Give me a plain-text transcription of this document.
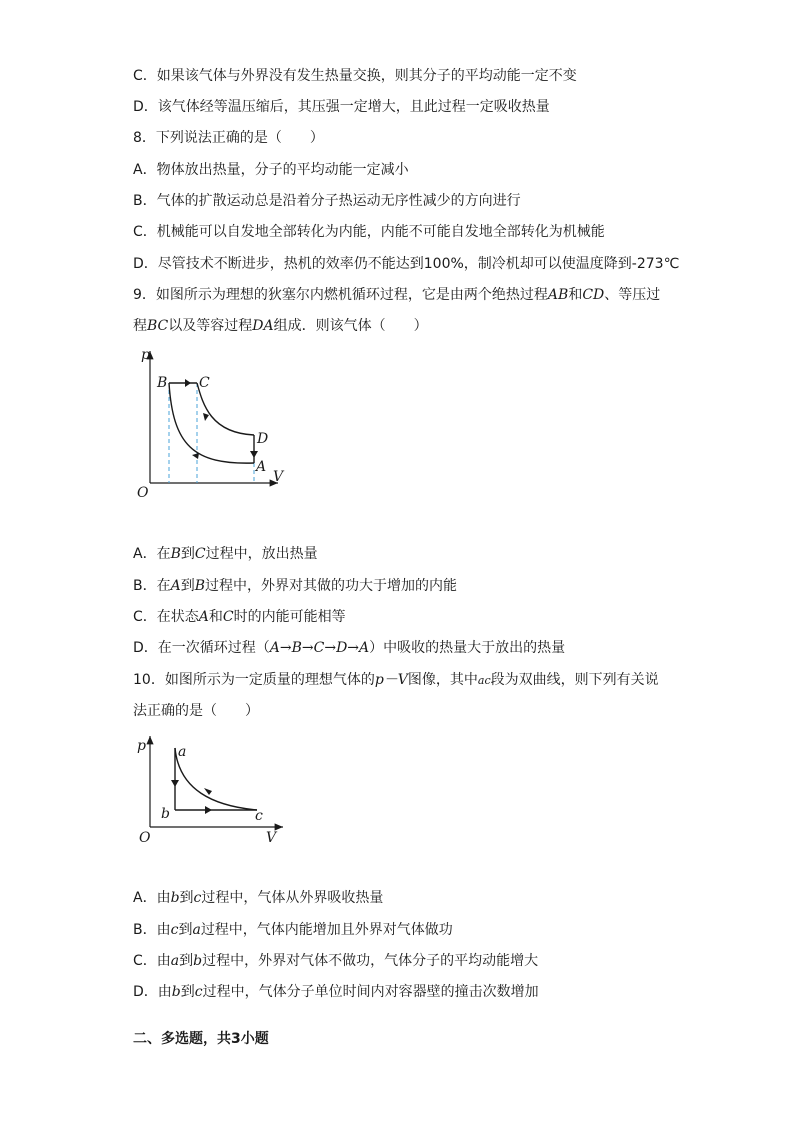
C．如果该气体与外界没有发生热量交换，则其分子的平均动能一定不变
D．该气体经等温压缩后，其压强一定增大，且此过程一定吸收热量
8．下列说法正确的是（　　）
A．物体放出热量，分子的平均动能一定减小
B．气体的扩散运动总是沿着分子热运动无序性减少的方向进行
C．机械能可以自发地全部转化为内能，内能不可能自发地全部转化为机械能
D．尽管技术不断进步，热机的效率仍不能达到100%，制冷机却可以使温度降到-273℃
9．如图所示为理想的狄塞尔内燃机循环过程，它是由两个绝热过程AB和CD、等压过
程BC以及等容过程DA组成．则该气体（　　）
p
V
O
B C
D
A
A．在B到C过程中，放出热量
B．在A到B过程中，外界对其做的功大于增加的内能
C．在状态A和C时的内能可能相等
D．在一次循环过程（A→B→C→D→A）中吸收的热量大于放出的热量
10．如图所示为一定质量的理想气体的p－V图像，其中ac段为双曲线，则下列有关说
法正确的是（　　）
p
V
O
a
b	c
A．由b到c过程中，气体从外界吸收热量
B．由c到a过程中，气体内能增加且外界对气体做功
C．由a到b过程中，外界对气体不做功，气体分子的平均动能增大
D．由b到c过程中，气体分子单位时间内对容器壁的撞击次数增加
二、多选题，共3小题
